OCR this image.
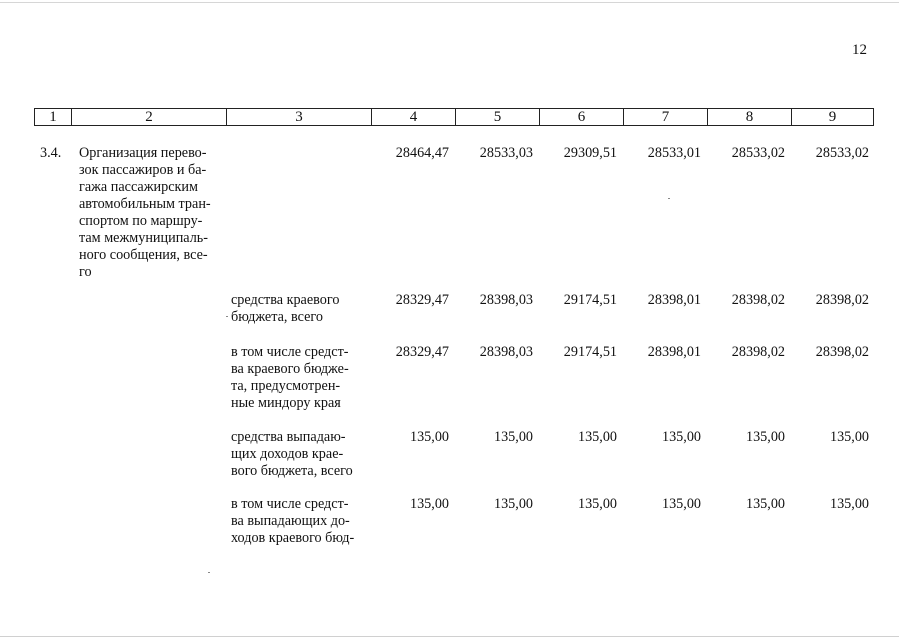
12
1	2	3	4	5	6	7	8	9
3.4. Организация перево-
зок пассажиров и ба-
гажа пассажирским
автомобильным тран-
спортом по маршру-
там межмуниципаль-
ного сообщения, все-
го
28464,47	28533,03	29309,51	28533,01	28533,02	28533,02
средства краевого
бюджета, всего
28329,47	28398,03	29174,51	28398,01	28398,02	28398,02
в том числе средст-
ва краевого бюдже-
та, предусмотрен-
ные миндору края
28329,47	28398,03	29174,51	28398,01	28398,02	28398,02
средства выпадаю-
щих доходов крае-
вого бюджета, всего
135,00	135,00	135,00	135,00	135,00	135,00
в том числе средст-
ва выпадающих до-
ходов краевого бюд-
135,00	135,00	135,00	135,00	135,00	135,00
